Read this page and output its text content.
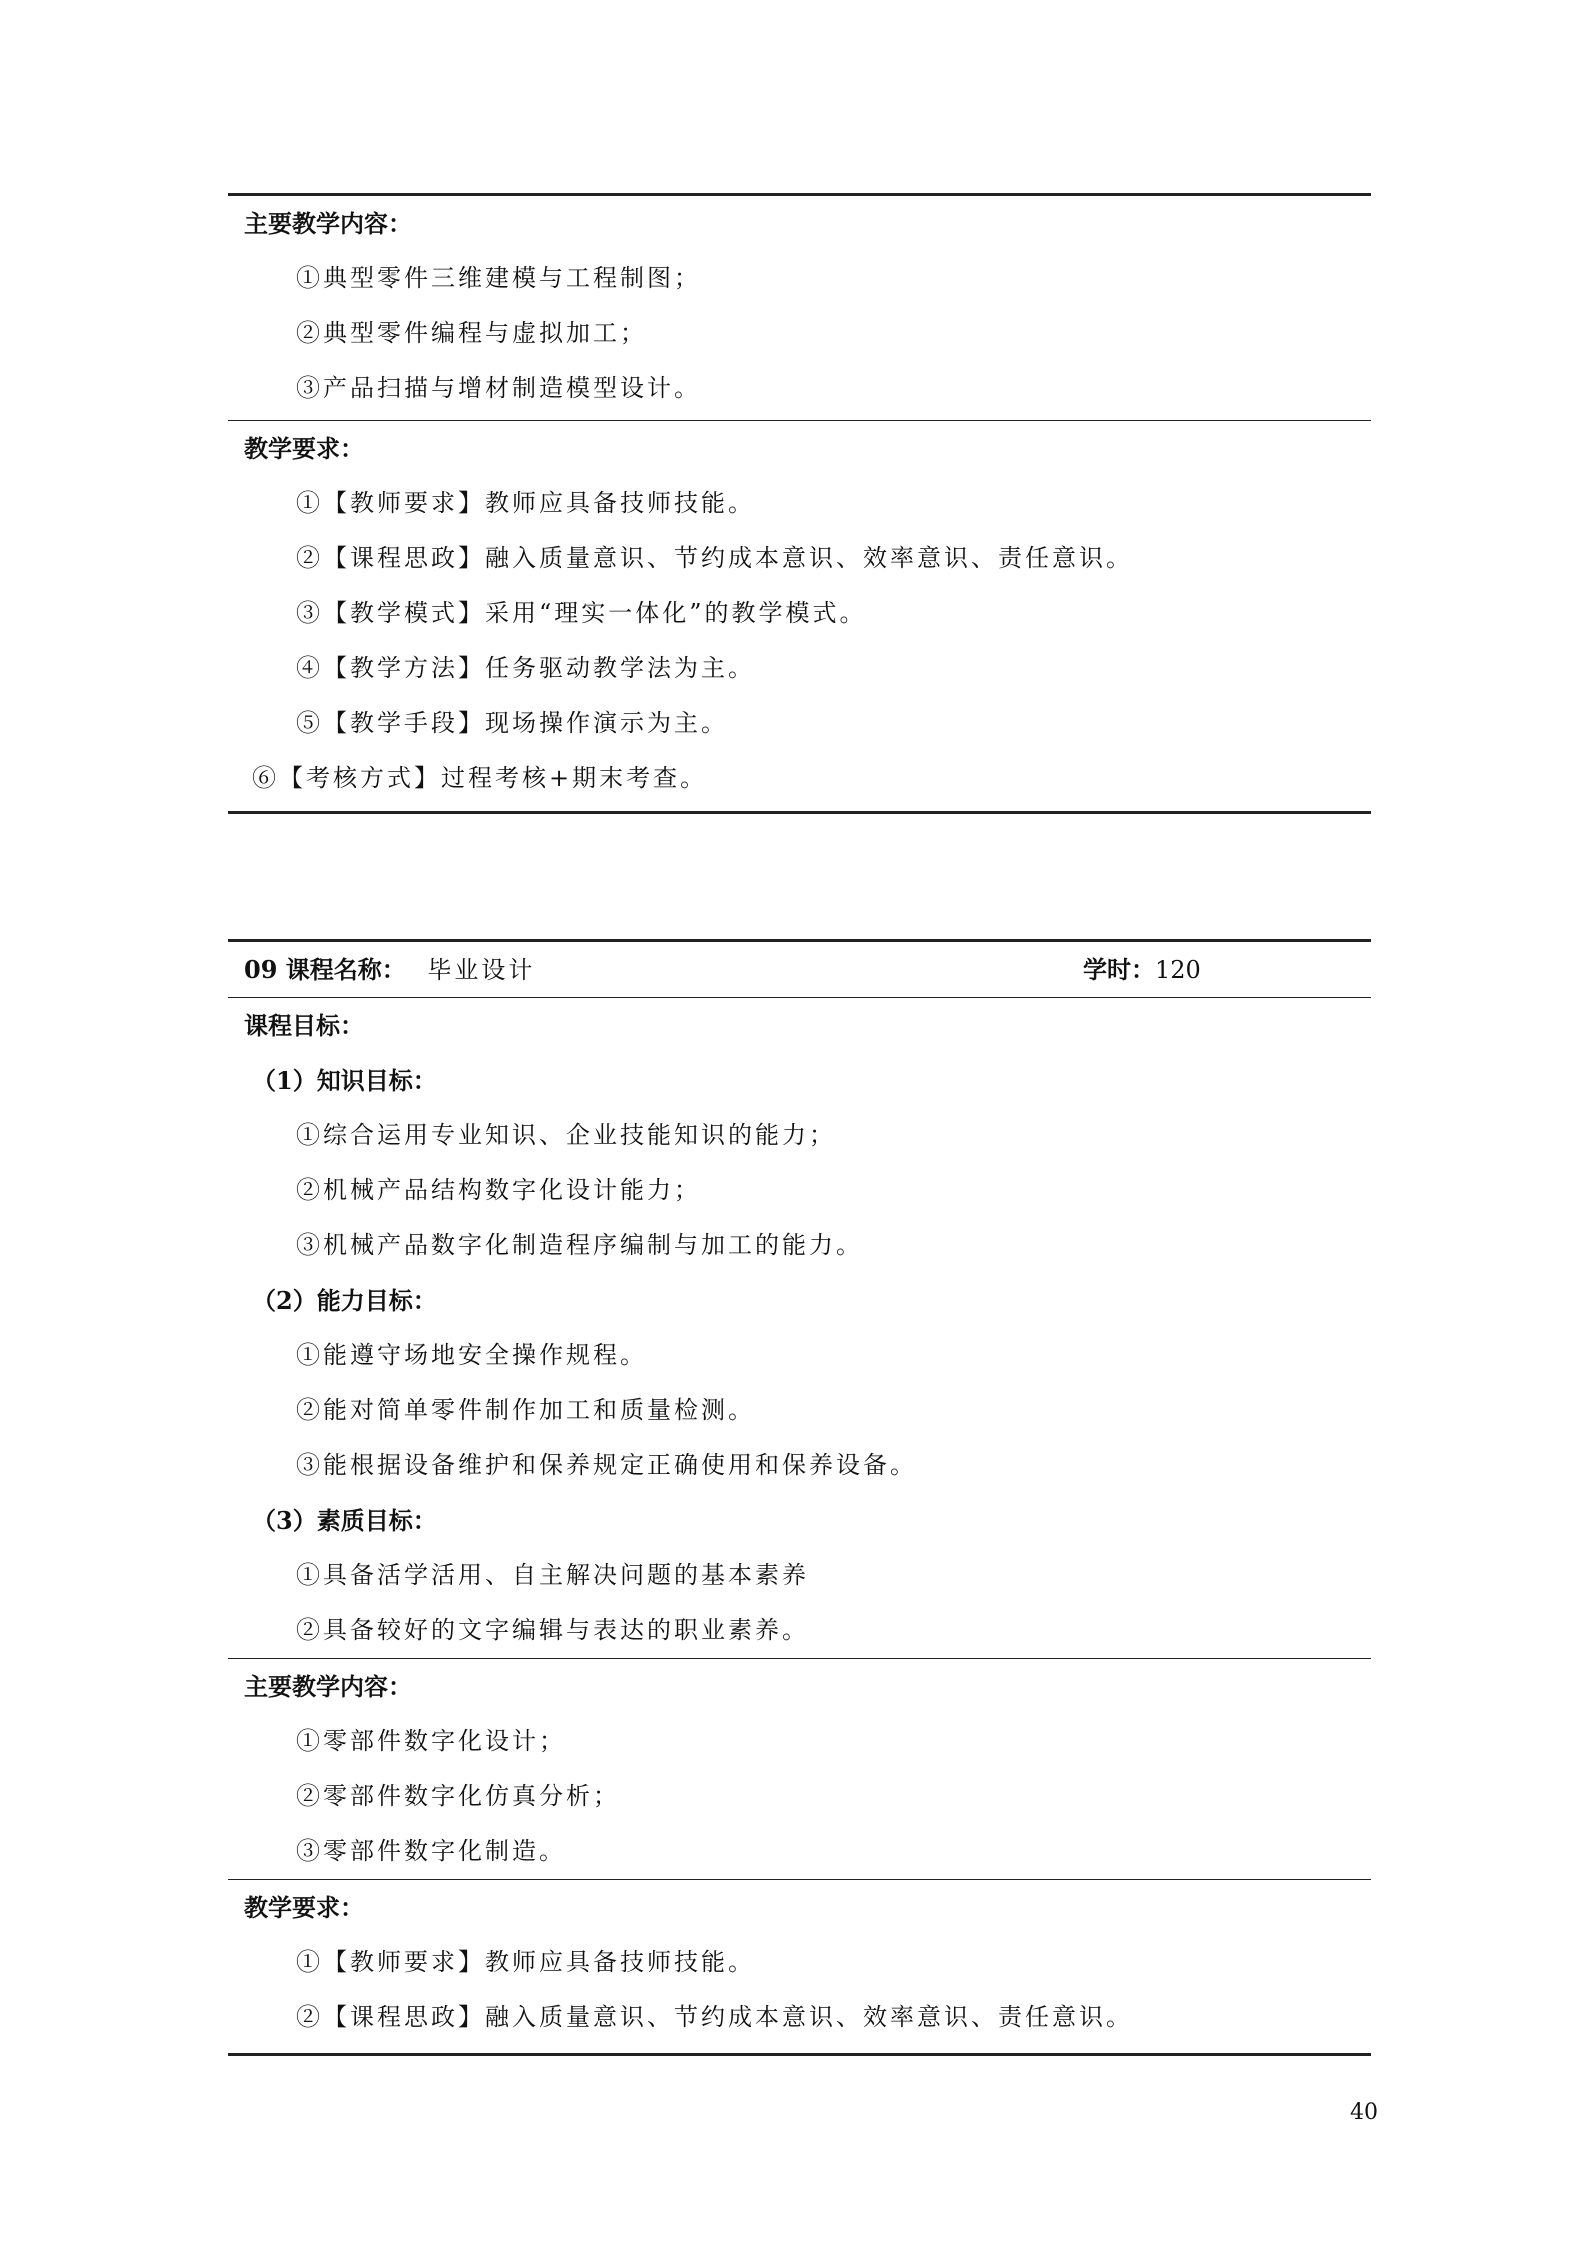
主要教学内容：
①典型零件三维建模与工程制图；
②典型零件编程与虚拟加工；
③产品扫描与增材制造模型设计。
教学要求：
①【教师要求】教师应具备技师技能。
②【课程思政】融入质量意识、节约成本意识、效率意识、责任意识。
③【教学模式】采用“理实一体化”的教学模式。
④【教学方法】任务驱动教学法为主。
⑤【教学手段】现场操作演示为主。
⑥【考核方式】过程考核+期末考查。
09 课程名称： 毕业设计	学时：120
课程目标：
（1）知识目标：
①综合运用专业知识、企业技能知识的能力；
②机械产品结构数字化设计能力；
③机械产品数字化制造程序编制与加工的能力。
（2）能力目标：
①能遵守场地安全操作规程。
②能对简单零件制作加工和质量检测。
③能根据设备维护和保养规定正确使用和保养设备。
（3）素质目标：
①具备活学活用、自主解决问题的基本素养
②具备较好的文字编辑与表达的职业素养。
主要教学内容：
①零部件数字化设计；
②零部件数字化仿真分析；
③零部件数字化制造。
教学要求：
①【教师要求】教师应具备技师技能。
②【课程思政】融入质量意识、节约成本意识、效率意识、责任意识。
40
